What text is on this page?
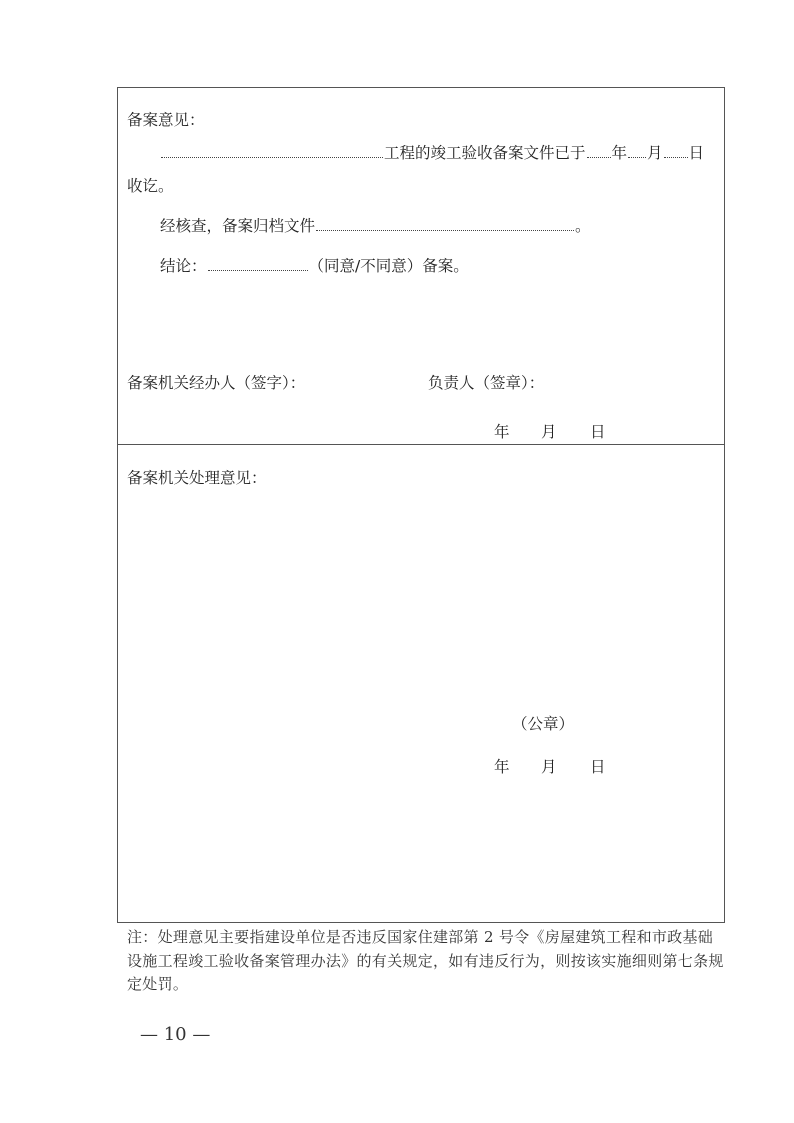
备案意见：
工程的竣工验收备案文件已于 年 月 日
收讫。
经核查，备案归档文件	。
结论：	（同意/不同意）备案。
备案机关经办人（签字）：	负责人（签章）：
年 月 日
备案机关处理意见：
（公章）
年 月 日
注：处理意见主要指建设单位是否违反国家住建部第 2 号令《房屋建筑工程和市政基础设施工程竣工验收备案管理办法》的有关规定，如有违反行为，则按该实施细则第七条规定处罚。
— 10 —
